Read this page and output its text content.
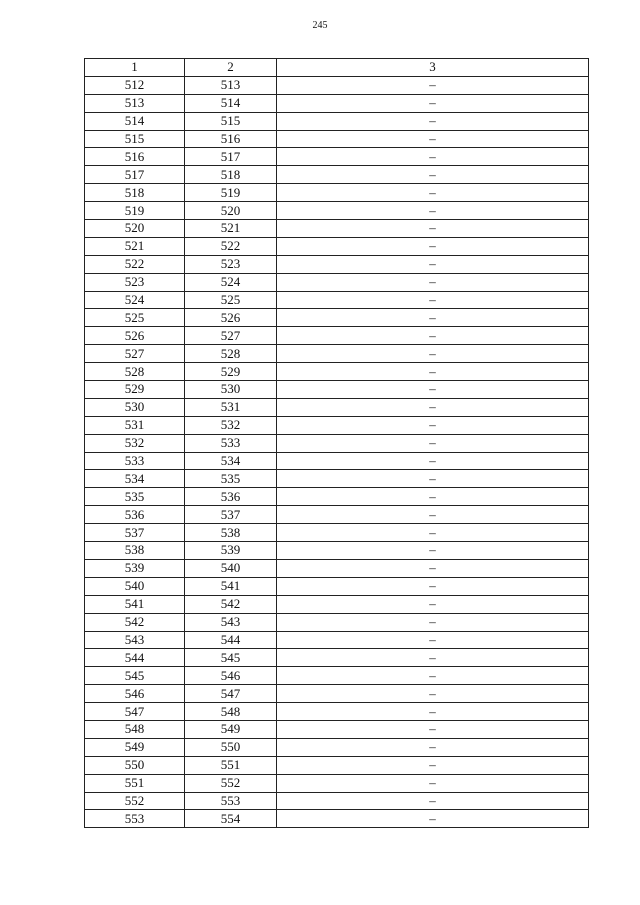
245
1	2	3
512	513	–
513	514	–
514	515	–
515	516	–
516	517	–
517	518	–
518	519	–
519	520	–
520	521	–
521	522	–
522	523	–
523	524	–
524	525	–
525	526	–
526	527	–
527	528	–
528	529	–
529	530	–
530	531	–
531	532	–
532	533	–
533	534	–
534	535	–
535	536	–
536	537	–
537	538	–
538	539	–
539	540	–
540	541	–
541	542	–
542	543	–
543	544	–
544	545	–
545	546	–
546	547	–
547	548	–
548	549	–
549	550	–
550	551	–
551	552	–
552	553	–
553	554	–
